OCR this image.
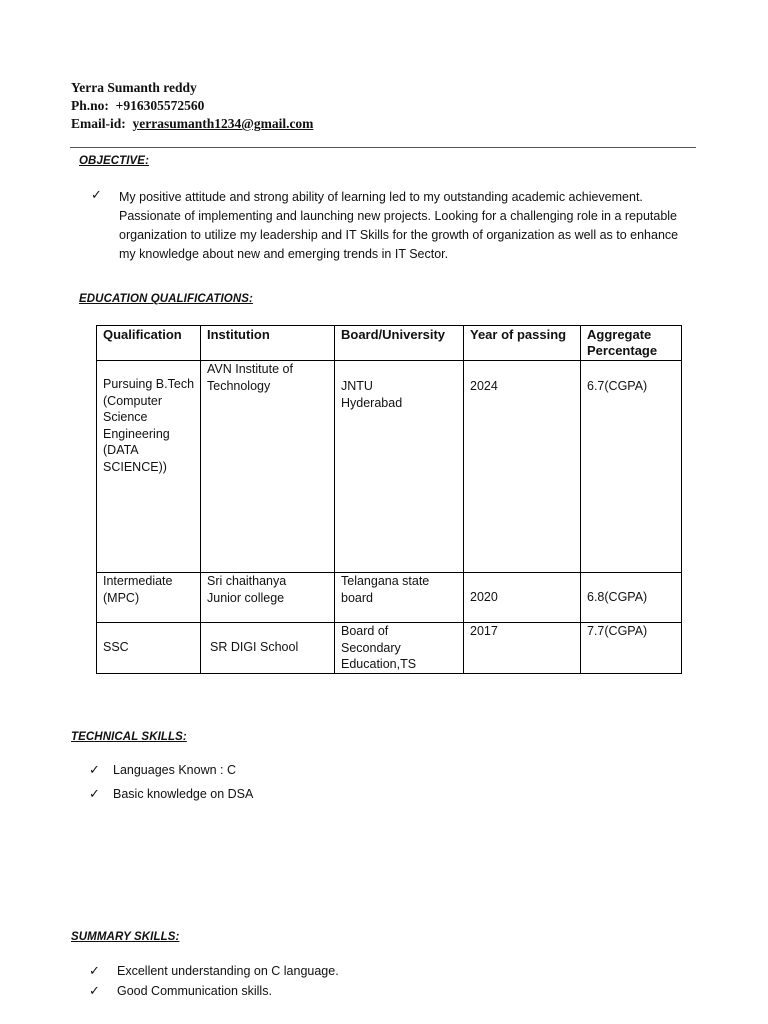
Yerra Sumanth reddy
Ph.no: +916305572560
Email-id: yerrasumanth1234@gmail.com
OBJECTIVE:
✓ My positive attitude and strong ability of learning led to my outstanding academic achievement. Passionate of implementing and launching new projects. Looking for a challenging role in a reputable organization to utilize my leadership and IT Skills for the growth of organization as well as to enhance my knowledge about new and emerging trends in IT Sector.
EDUCATION QUALIFICATIONS:
Qualification	Institution	Board/University	Year of passing	Aggregate Percentage

Pursuing B.Tech (Computer Science Engineering (DATA SCIENCE))	AVN Institute of Technology	JNTU Hyderabad	2024	6.7(CGPA)

Intermediate (MPC)	Sri chaithanya Junior college	Telangana state board	2020	6.8(CGPA)

SSC	SR DIGI School	Board of Secondary Education,TS	2017	7.7(CGPA)
TECHNICAL SKILLS:
✓ Languages Known : C
✓ Basic knowledge on DSA
SUMMARY SKILLS:
✓ Excellent understanding on C language.
✓ Good Communication skills.
